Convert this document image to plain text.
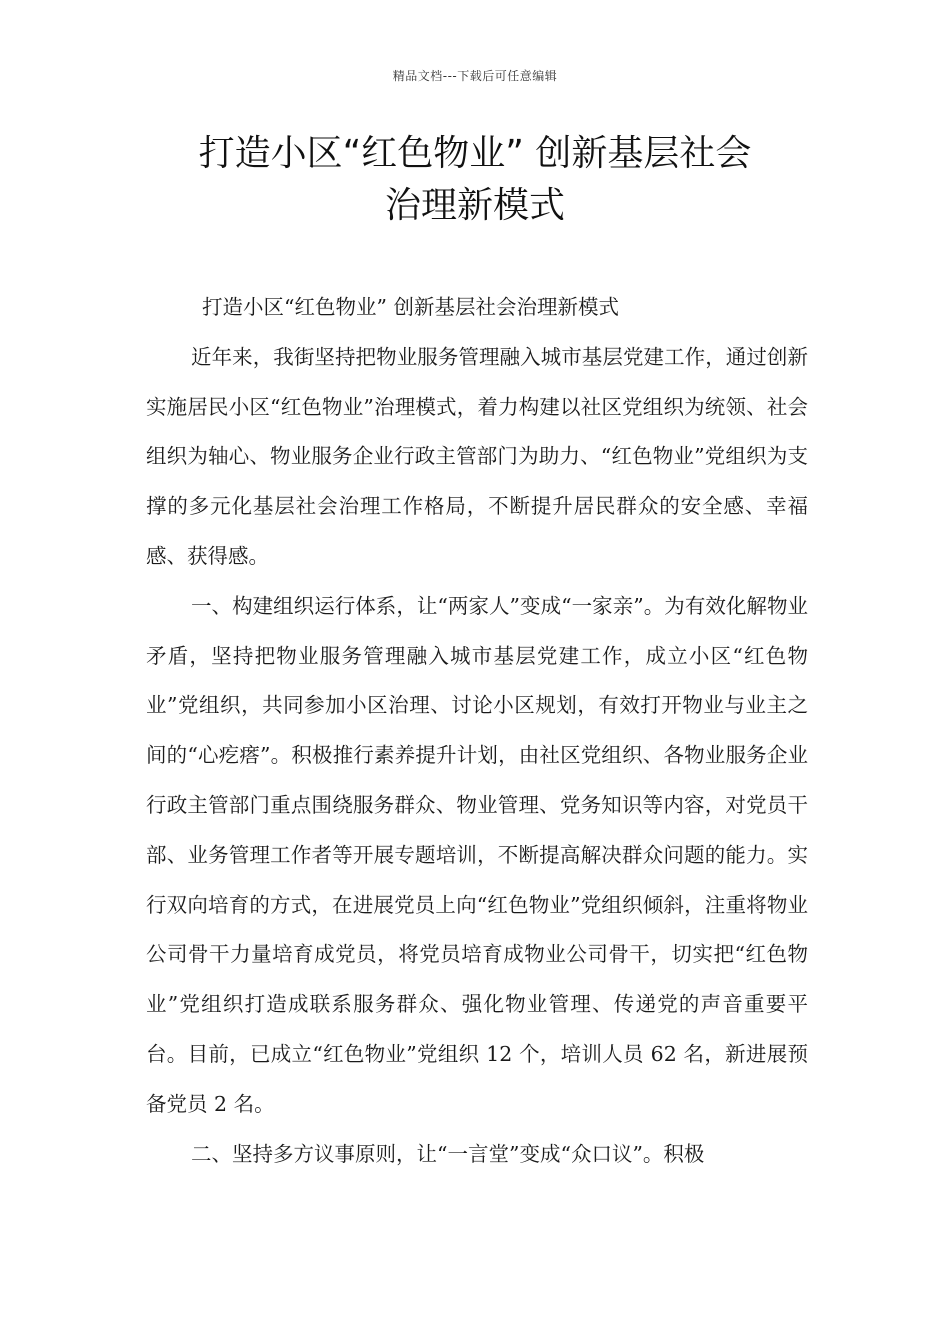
精品文档---下载后可任意编辑
打造小区“红色物业” 创新基层社会
治理新模式

打造小区“红色物业” 创新基层社会治理新模式

近年来，我街坚持把物业服务管理融入城市基层党建工作，通过创新实施居民小区“红色物业”治理模式，着力构建以社区党组织为统领、社会组织为轴心、物业服务企业行政主管部门为助力、“红色物业”党组织为支撑的多元化基层社会治理工作格局，不断提升居民群众的安全感、幸福感、获得感。

一、构建组织运行体系，让“两家人”变成“一家亲”。为有效化解物业矛盾，坚持把物业服务管理融入城市基层党建工作，成立小区“红色物业”党组织，共同参加小区治理、讨论小区规划，有效打开物业与业主之间的“心疙瘩”。积极推行素养提升计划，由社区党组织、各物业服务企业行政主管部门重点围绕服务群众、物业管理、党务知识等内容，对党员干部、业务管理工作者等开展专题培训，不断提高解决群众问题的能力。实行双向培育的方式，在进展党员上向“红色物业”党组织倾斜，注重将物业公司骨干力量培育成党员，将党员培育成物业公司骨干，切实把“红色物业”党组织打造成联系服务群众、强化物业管理、传递党的声音重要平台。目前，已成立“红色物业”党组织 12 个，培训人员 62 名，新进展预备党员 2 名。

二、坚持多方议事原则，让“一言堂”变成“众口议”。积极
